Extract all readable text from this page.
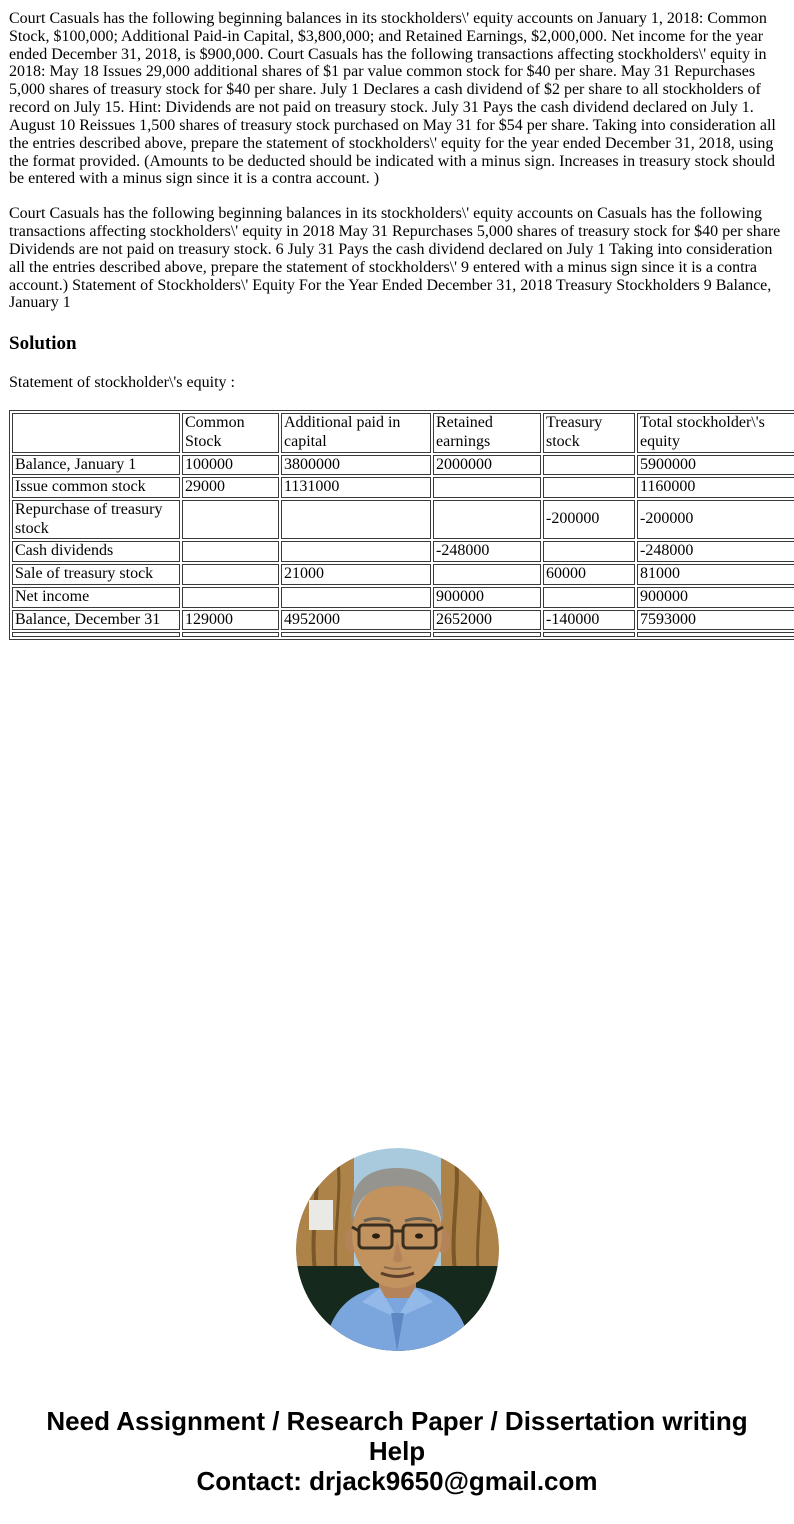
Court Casuals has the following beginning balances in its stockholders\' equity accounts on January 1, 2018: Common Stock, $100,000; Additional Paid-in Capital, $3,800,000; and Retained Earnings, $2,000,000. Net income for the year ended December 31, 2018, is $900,000. Court Casuals has the following transactions affecting stockholders\' equity in 2018: May 18 Issues 29,000 additional shares of $1 par value common stock for $40 per share. May 31 Repurchases 5,000 shares of treasury stock for $40 per share. July 1 Declares a cash dividend of $2 per share to all stockholders of record on July 15. Hint: Dividends are not paid on treasury stock. July 31 Pays the cash dividend declared on July 1. August 10 Reissues 1,500 shares of treasury stock purchased on May 31 for $54 per share. Taking into consideration all the entries described above, prepare the statement of stockholders\' equity for the year ended December 31, 2018, using the format provided. (Amounts to be deducted should be indicated with a minus sign. Increases in treasury stock should be entered with a minus sign since it is a contra account. )

Court Casuals has the following beginning balances in its stockholders\' equity accounts on Casuals has the following transactions affecting stockholders\' equity in 2018 May 31 Repurchases 5,000 shares of treasury stock for $40 per share Dividends are not paid on treasury stock. 6 July 31 Pays the cash dividend declared on July 1 Taking into consideration all the entries described above, prepare the statement of stockholders\' 9 entered with a minus sign since it is a contra account.) Statement of Stockholders\' Equity For the Year Ended December 31, 2018 Treasury Stockholders 9 Balance, January 1

Solution

Statement of stockholder\'s equity :

	Common Stock	Additional paid in capital	Retained earnings	Treasury stock	Total stockholder\'s equity
Balance, January 1	100000	3800000	2000000		5900000
Issue common stock	29000	1131000			1160000
Repurchase of treasury stock				-200000	-200000
Cash dividends			-248000		-248000
Sale of treasury stock		21000		60000	81000
Net income			900000		900000
Balance, December 31	129000	4952000	2652000	-140000	7593000

Need Assignment / Research Paper / Dissertation writing Help
Contact: drjack9650@gmail.com
